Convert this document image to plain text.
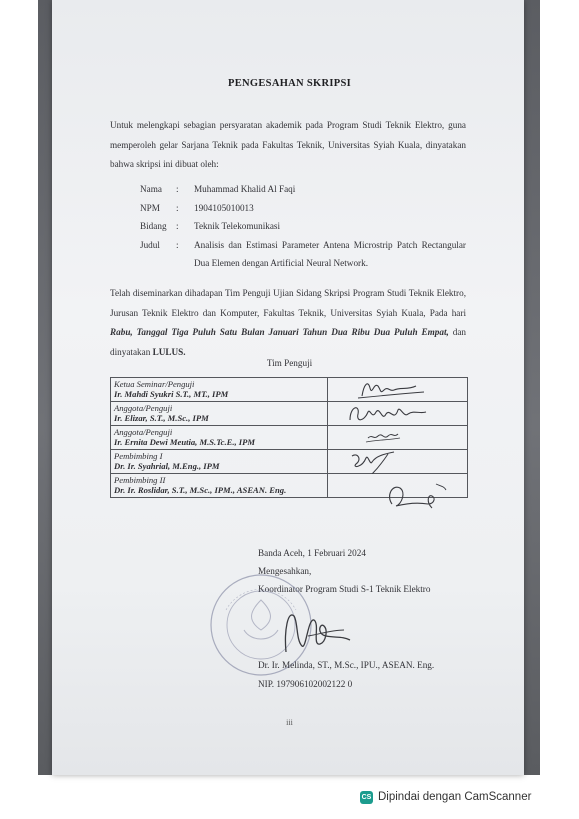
PENGESAHAN SKRIPSI
Untuk melengkapi sebagian persyaratan akademik pada Program Studi Teknik Elektro, guna memperoleh gelar Sarjana Teknik pada Fakultas Teknik, Universitas Syiah Kuala, dinyatakan bahwa skripsi ini dibuat oleh:
Nama	:	Muhammad Khalid Al Faqi
NPM	:	1904105010013
Bidang	:	Teknik Telekomunikasi
Judul	:	Analisis dan Estimasi Parameter Antena Microstrip Patch Rectangular Dua Elemen dengan Artificial Neural Network.
Telah diseminarkan dihadapan Tim Penguji Ujian Sidang Skripsi Program Studi Teknik Elektro, Jurusan Teknik Elektro dan Komputer, Fakultas Teknik, Universitas Syiah Kuala, Pada hari Rabu, Tanggal Tiga Puluh Satu Bulan Januari Tahun Dua Ribu Dua Puluh Empat, dan dinyatakan LULUS.
Tim Penguji
Ketua Seminar/Penguji
Ir. Mahdi Syukri S.T., MT., IPM

Anggota/Penguji
Ir. Elizar, S.T., M.Sc., IPM

Anggota/Penguji
Ir. Ernita Dewi Meutia, M.S.Tc.E., IPM

Pembimbing I
Dr. Ir. Syahrial, M.Eng., IPM

Pembimbing II
Dr. Ir. Roslidar, S.T., M.Sc., IPM., ASEAN. Eng.

Banda Aceh, 1 Februari 2024
Mengesahkan,
Koordinator Program Studi S-1 Teknik Elektro
Dr. Ir. Melinda, ST., M.Sc., IPU., ASEAN. Eng.
NIP. 197906102002122 0
iii
CS Dipindai dengan CamScanner
